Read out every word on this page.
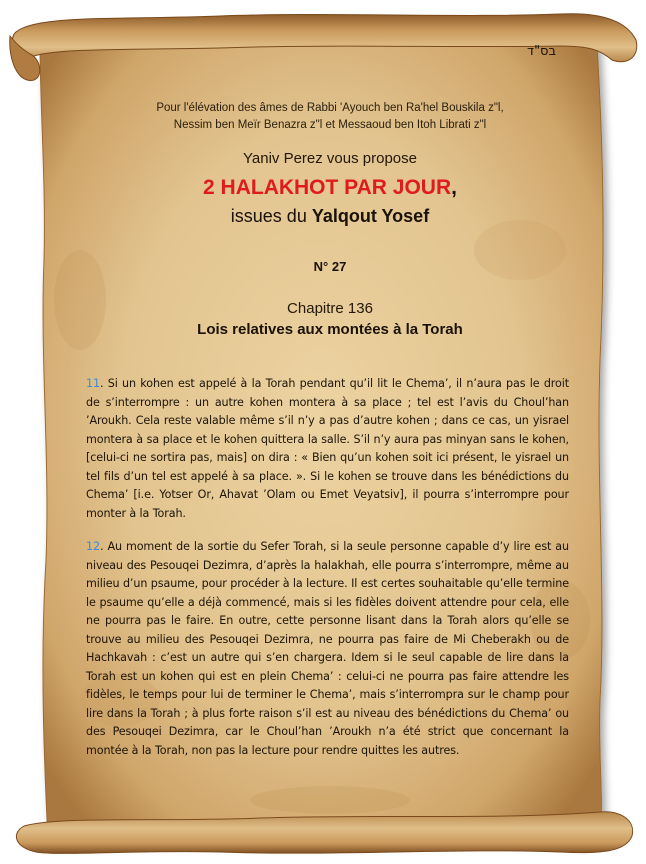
בס"ד
Pour l'élévation des âmes de Rabbi 'Ayouch ben Ra'hel Bouskila z"l,
Nessim ben Meïr Benazra z"l et Messaoud ben Itoh Librati z"l
Yaniv Perez vous propose
2 HALAKHOT PAR JOUR,
issues du Yalqout Yosef
N° 27
Chapitre 136
Lois relatives aux montées à la Torah
11. Si un kohen est appelé à la Torah pendant qu’il lit le Chema’, il n’aura pas le droit de s’interrompre : un autre kohen montera à sa place ; tel est l’avis du Choul’han ’Aroukh. Cela reste valable même s’il n’y a pas d’autre kohen ; dans ce cas, un yisrael montera à sa place et le kohen quittera la salle. S’il n’y aura pas minyan sans le kohen, [celui-ci ne sortira pas, mais] on dira : « Bien qu’un kohen soit ici présent, le yisrael un tel fils d’un tel est appelé à sa place. ». Si le kohen se trouve dans les bénédictions du Chema’ [i.e. Yotser Or, Ahavat ’Olam ou Emet Veyatsiv], il pourra s’interrompre pour monter à la Torah.
12. Au moment de la sortie du Sefer Torah, si la seule personne capable d’y lire est au niveau des Pesouqei Dezimra, d’après la halakhah, elle pourra s’interrompre, même au milieu d’un psaume, pour procéder à la lecture. Il est certes souhaitable qu’elle termine le psaume qu’elle a déjà commencé, mais si les fidèles doivent attendre pour cela, elle ne pourra pas le faire. En outre, cette personne lisant dans la Torah alors qu’elle se trouve au milieu des Pesouqei Dezimra, ne pourra pas faire de Mi Cheberakh ou de Hachkavah : c’est un autre qui s’en chargera. Idem si le seul capable de lire dans la Torah est un kohen qui est en plein Chema’ : celui-ci ne pourra pas faire attendre les fidèles, le temps pour lui de terminer le Chema’, mais s’interrompra sur le champ pour lire dans la Torah ; à plus forte raison s’il est au niveau des bénédictions du Chema’ ou des Pesouqei Dezimra, car le Choul’han ’Aroukh n’a été strict que concernant la montée à la Torah, non pas la lecture pour rendre quittes les autres.
